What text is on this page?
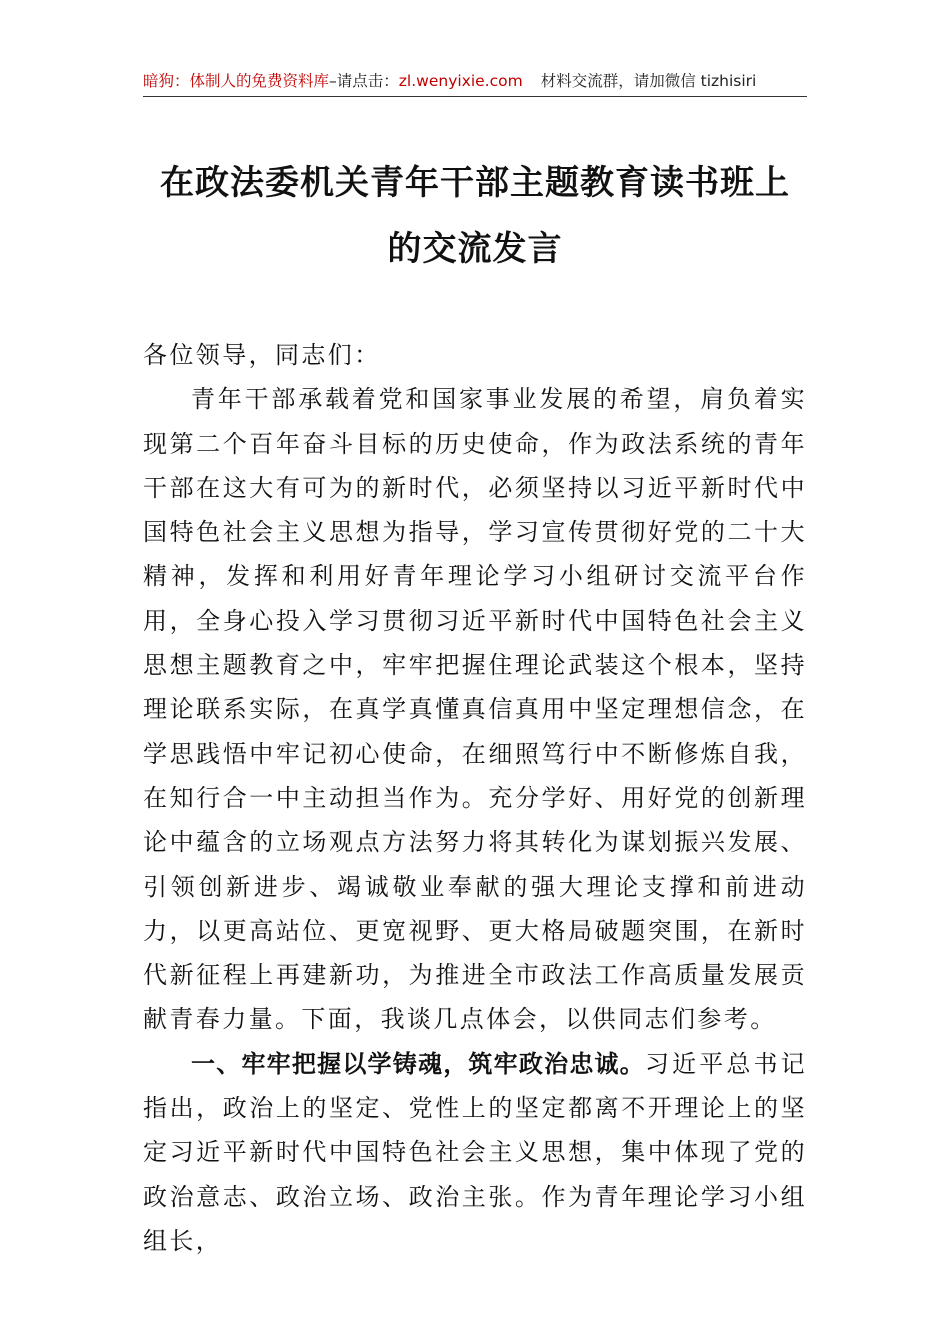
暗狗：体制人的免费资料库–请点击：zl.wenyixie.com 材料交流群，请加微信 tizhisiri
在政法委机关青年干部主题教育读书班上的交流发言

各位领导，同志们：

青年干部承载着党和国家事业发展的希望，肩负着实现第二个百年奋斗目标的历史使命，作为政法系统的青年干部在这大有可为的新时代，必须坚持以习近平新时代中国特色社会主义思想为指导，学习宣传贯彻好党的二十大精神，发挥和利用好青年理论学习小组研讨交流平台作用，全身心投入学习贯彻习近平新时代中国特色社会主义思想主题教育之中，牢牢把握住理论武装这个根本，坚持理论联系实际，在真学真懂真信真用中坚定理想信念，在学思践悟中牢记初心使命，在细照笃行中不断修炼自我，在知行合一中主动担当作为。充分学好、用好党的创新理论中蕴含的立场观点方法努力将其转化为谋划振兴发展、引领创新进步、竭诚敬业奉献的强大理论支撑和前进动力，以更高站位、更宽视野、更大格局破题突围，在新时代新征程上再建新功，为推进全市政法工作高质量发展贡献青春力量。下面，我谈几点体会，以供同志们参考。

一、牢牢把握以学铸魂，筑牢政治忠诚。习近平总书记指出，政治上的坚定、党性上的坚定都离不开理论上的坚定习近平新时代中国特色社会主义思想，集中体现了党的政治意志、政治立场、政治主张。作为青年理论学习小组组长，
